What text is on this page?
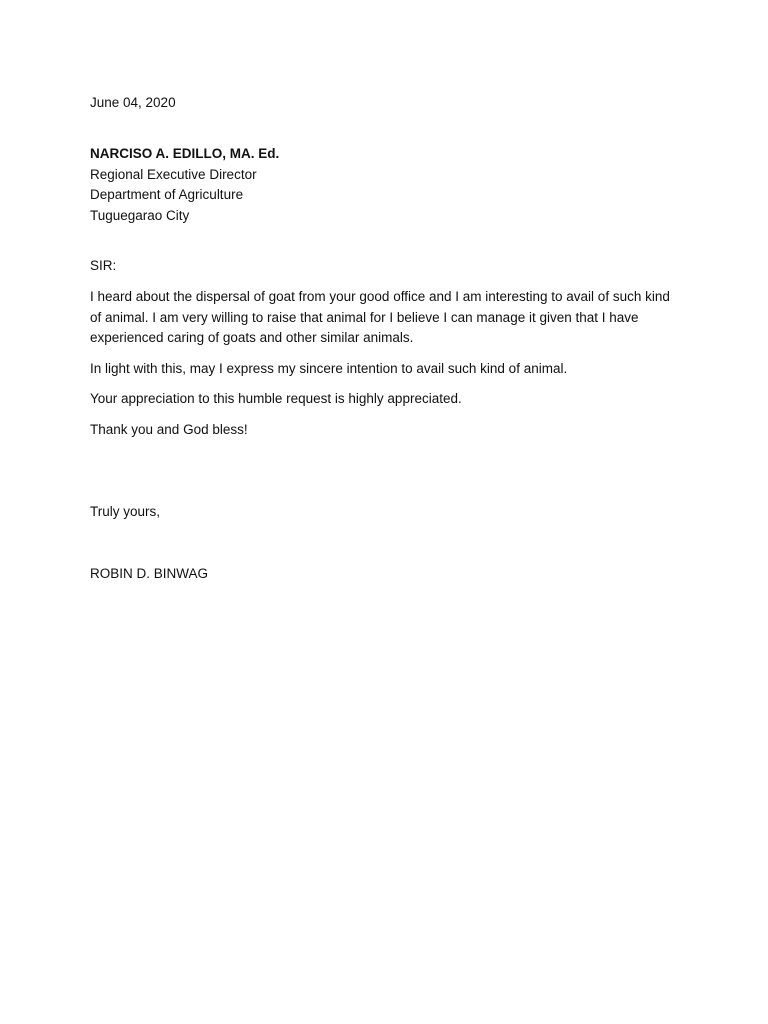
June 04, 2020
NARCISO A. EDILLO, MA. Ed.
Regional Executive Director
Department of Agriculture
Tuguegarao City
SIR:

I heard about the dispersal of goat from your good office and I am interesting to avail of such kind of animal. I am very willing to raise that animal for I believe I can manage it given that I have experienced caring of goats and other similar animals.

In light with this, may I express my sincere intention to avail such kind of animal.

Your appreciation to this humble request is highly appreciated.

Thank you and God bless!

Truly yours,
ROBIN D. BINWAG
